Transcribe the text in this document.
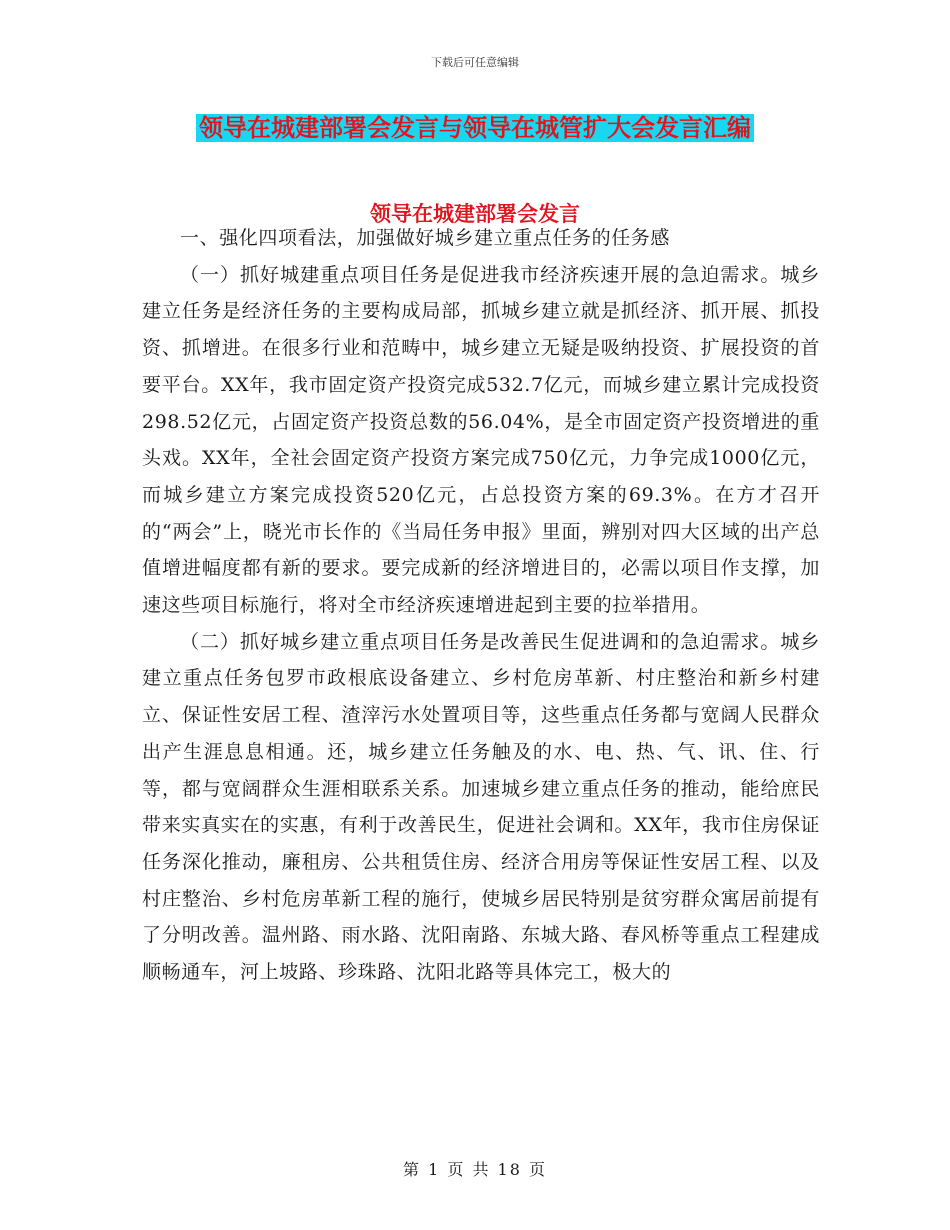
下载后可任意编辑
领导在城建部署会发言与领导在城管扩大会发言汇编
领导在城建部署会发言

一、强化四项看法，加强做好城乡建立重点任务的任务感

（一）抓好城建重点项目任务是促进我市经济疾速开展的急迫需求。城乡建立任务是经济任务的主要构成局部，抓城乡建立就是抓经济、抓开展、抓投资、抓增进。在很多行业和范畴中，城乡建立无疑是吸纳投资、扩展投资的首要平台。XX年，我市固定资产投资完成532.7亿元，而城乡建立累计完成投资298.52亿元，占固定资产投资总数的56.04%，是全市固定资产投资增进的重头戏。XX年，全社会固定资产投资方案完成750亿元，力争完成1000亿元，而城乡建立方案完成投资520亿元，占总投资方案的69.3%。在方才召开的“两会”上，晓光市长作的《当局任务申报》里面，辨别对四大区域的出产总值增进幅度都有新的要求。要完成新的经济增进目的，必需以项目作支撑，加速这些项目标施行，将对全市经济疾速增进起到主要的拉举措用。

（二）抓好城乡建立重点项目任务是改善民生促进调和的急迫需求。城乡建立重点任务包罗市政根底设备建立、乡村危房革新、村庄整治和新乡村建立、保证性安居工程、渣滓污水处置项目等，这些重点任务都与宽阔人民群众出产生涯息息相通。还，城乡建立任务触及的水、电、热、气、讯、住、行等，都与宽阔群众生涯相联系关系。加速城乡建立重点任务的推动，能给庶民带来实真实在的实惠，有利于改善民生，促进社会调和。XX年，我市住房保证任务深化推动，廉租房、公共租赁住房、经济合用房等保证性安居工程、以及村庄整治、乡村危房革新工程的施行，使城乡居民特别是贫穷群众寓居前提有了分明改善。温州路、雨水路、沈阳南路、东城大路、春风桥等重点工程建成顺畅通车，河上坡路、珍珠路、沈阳北路等具体完工，极大的

第 1 页 共 18 页
